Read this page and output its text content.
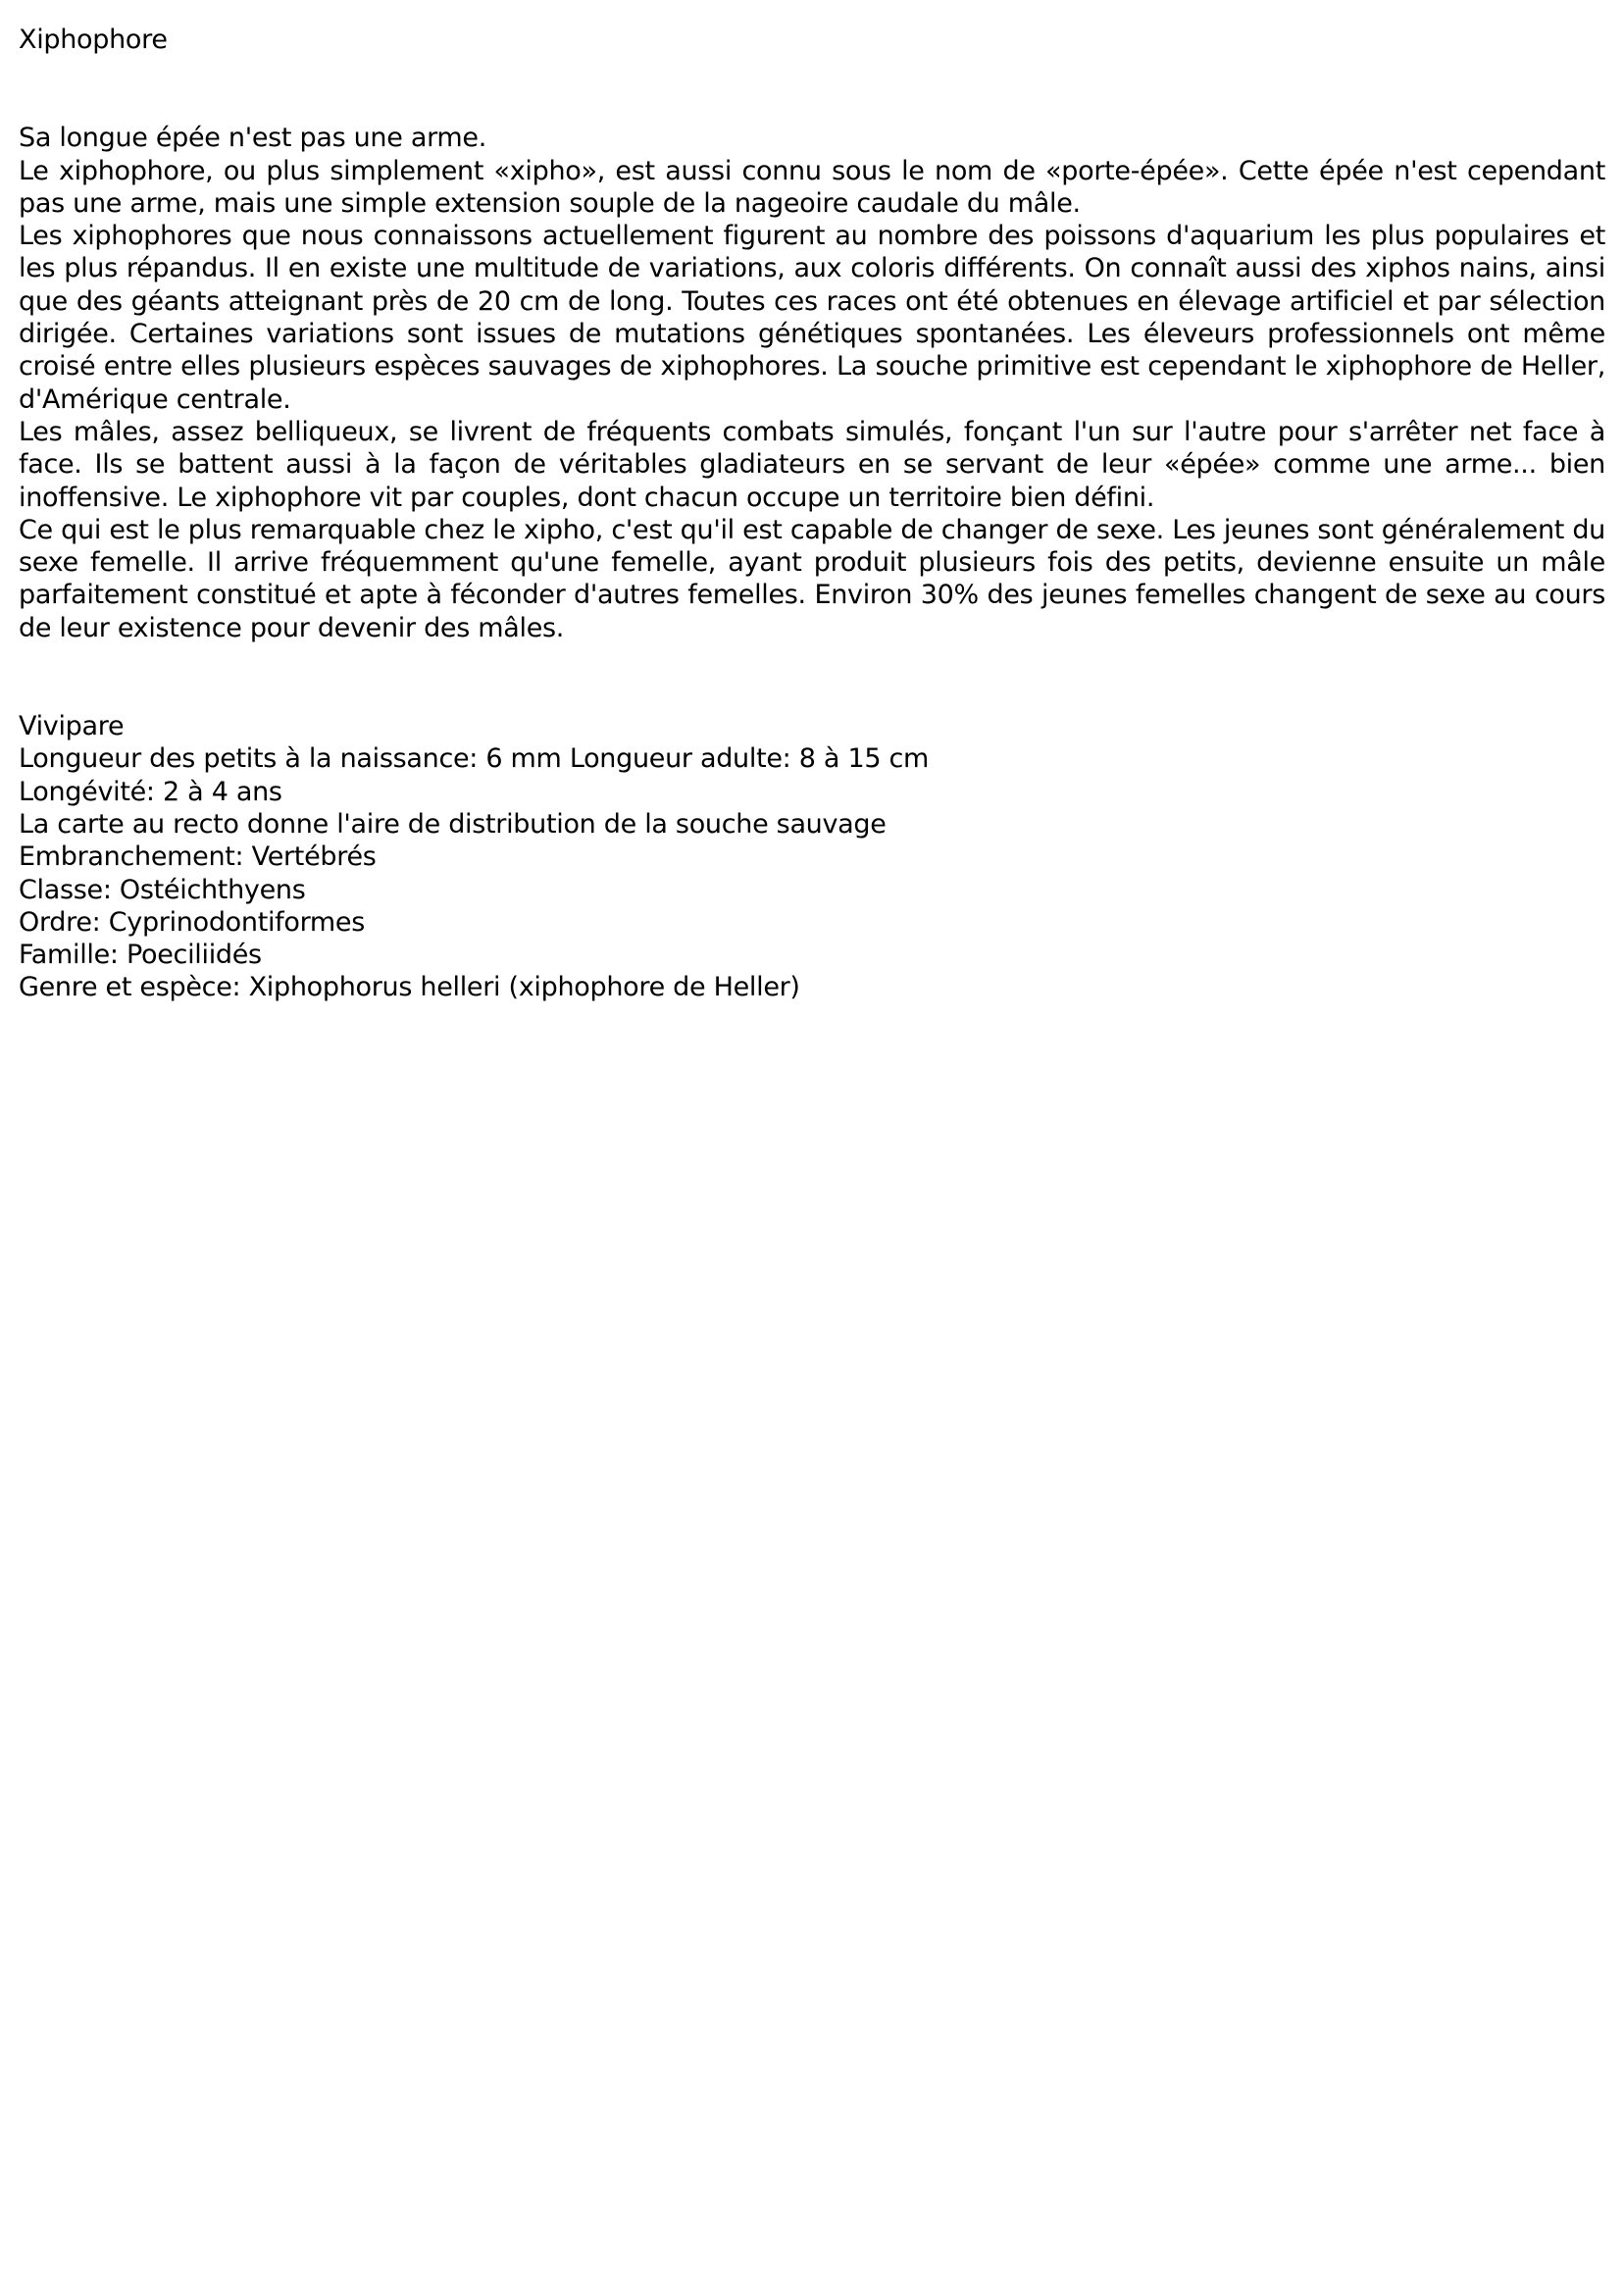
Xiphophore
Sa longue épée n'est pas une arme.
Le xiphophore, ou plus simplement «xipho», est aussi connu sous le nom de «porte-épée». Cette épée n'est cependant pas une arme, mais une simple extension souple de la nageoire caudale du mâle.
Les xiphophores que nous connaissons actuellement figurent au nombre des poissons d'aquarium les plus populaires et les plus répandus. Il en existe une multitude de variations, aux coloris différents. On connaît aussi des xiphos nains, ainsi que des géants atteignant près de 20 cm de long. Toutes ces races ont été obtenues en élevage artificiel et par sélection dirigée. Certaines variations sont issues de mutations génétiques spontanées. Les éleveurs professionnels ont même croisé entre elles plusieurs espèces sauvages de xiphophores. La souche primitive est cependant le xiphophore de Heller, d'Amérique centrale.
Les mâles, assez belliqueux, se livrent de fréquents combats simulés, fonçant l'un sur l'autre pour s'arrêter net face à face. Ils se battent aussi à la façon de véritables gladiateurs en se servant de leur «épée» comme une arme... bien inoffensive. Le xiphophore vit par couples, dont chacun occupe un territoire bien défini.
Ce qui est le plus remarquable chez le xipho, c'est qu'il est capable de changer de sexe. Les jeunes sont généralement du sexe femelle. Il arrive fréquemment qu'une femelle, ayant produit plusieurs fois des petits, devienne ensuite un mâle parfaitement constitué et apte à féconder d'autres femelles. Environ 30% des jeunes femelles changent de sexe au cours de leur existence pour devenir des mâles.
Vivipare
Longueur des petits à la naissance: 6 mm Longueur adulte: 8 à 15 cm
Longévité: 2 à 4 ans
La carte au recto donne l'aire de distribution de la souche sauvage
Embranchement: Vertébrés
Classe: Ostéichthyens
Ordre: Cyprinodontiformes
Famille: Poeciliidés
Genre et espèce: Xiphophorus helleri (xiphophore de Heller)
